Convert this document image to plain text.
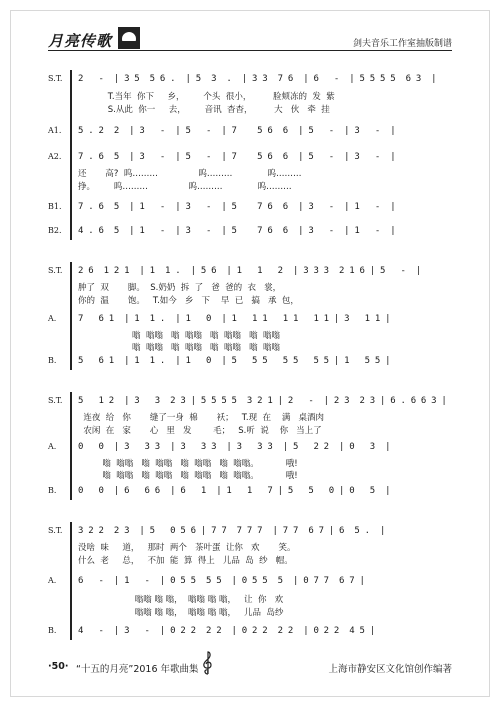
月亮传歌	剑夫音乐工作室抽版制谱
S.T. 2   -  | 3 5  5 6 .  | 5  3  .  | 3 3  7 6  | 6   -  | 5 5 5 5  6 3  |
T.当年  你下     乡，       个头  很小，        脸颊冻的  发  紫
S.从此  你一     去，       音讯  杳杳，        大   伙   牵  挂
A1. 5 . 2  2  | 3   -  | 5   -  | 7    5 6  6  | 5   -  | 3   -  |
A2. 7 . 6  5  | 3   -  | 5   -  | 7    5 6  6  | 5   -  | 3   -  |
还       高?  呜………               呜………             呜………
挣。       呜………               呜………             呜………
B1. 7 . 6  5  | 1   -  | 3   -  | 5    7 6  6  | 3   -  | 1   -  |
B2. 4 . 6  5  | 1   -  | 3   -  | 5    7 6  6  | 3   -  | 1   -  |
S.T. 2 6  1 2 1  | 1  1 .  | 5 6  | 1   1   2  | 3 3 3  2 1 6 | 5   -  |
肿了  双       脚。  S.奶奶  拆  了   爸  爸的  衣   裳，
你的  温       饱。   T.如今   乡   下    早  已   搞   承  包，
A. 7   6 1  | 1  1 .  | 1   0  | 1   1 1   1 1   1 1 | 3   1 1 |
嗡  嗡嗡   嗡  嗡嗡   嗡  嗡嗡   嗡  嗡嗡
嗡  嗡嗡   嗡  嗡嗡   嗡  嗡嗡   嗡  嗡嗡
B. 5   6 1  | 1  1 .  | 1   0  | 5   5 5   5 5   5 5 | 1   5 5 |
S.T. 5   1 2  | 3   3  2 3 | 5 5 5 5  3 2 1 | 2   -  | 2 3  2 3 | 6 . 6 6 3 |
连夜  给   你       缝了一身  棉       袄；   T.现  在    满   桌酒肉
农闲  在   家       心   里   发        毛；   S.听  说    你   当上了
A. 0   0  | 3   3 3  | 3   3 3  | 3   3 3  | 5   2 2  | 0   3  |
嗡  嗡嗡   嗡  嗡嗡   嗡  嗡嗡   嗡  嗡嗡。          哦!
嗡  嗡嗡   嗡  嗡嗡   嗡  嗡嗡   嗡  嗡嗡。          哦!
B. 0   0  | 6   6 6  | 6   1  | 1   1   7 | 5   5   0 | 0   5  |
S.T. 3 2 2  2 3  | 5   0 5 6 | 7 7  7 7 7  | 7 7  6 7 | 6  5 .  |
没啥  味     道，   那时  两个   茶叶蛋  让你   欢       笑。
什么  老     总，   不加  能  算  得上   儿品  岛  纱   帽。
A. 6   -  | 1   -  | 0 5 5  5 5  | 0 5 5  5  | 0 7 7  6 7 |
嗡嗡 嗡 嗡，  嗡嗡 嗡 嗡，   让  你   欢
嗡嗡 嗡 嗡，  嗡嗡 嗡 嗡，   儿品  岛纱
B. 4   -  | 3   -  | 0 2 2  2 2  | 0 2 2  2 2  | 0 2 2  4 5 |
·50· “十五的月亮”2016 年歌曲集	上海市静安区文化馆创作编著
